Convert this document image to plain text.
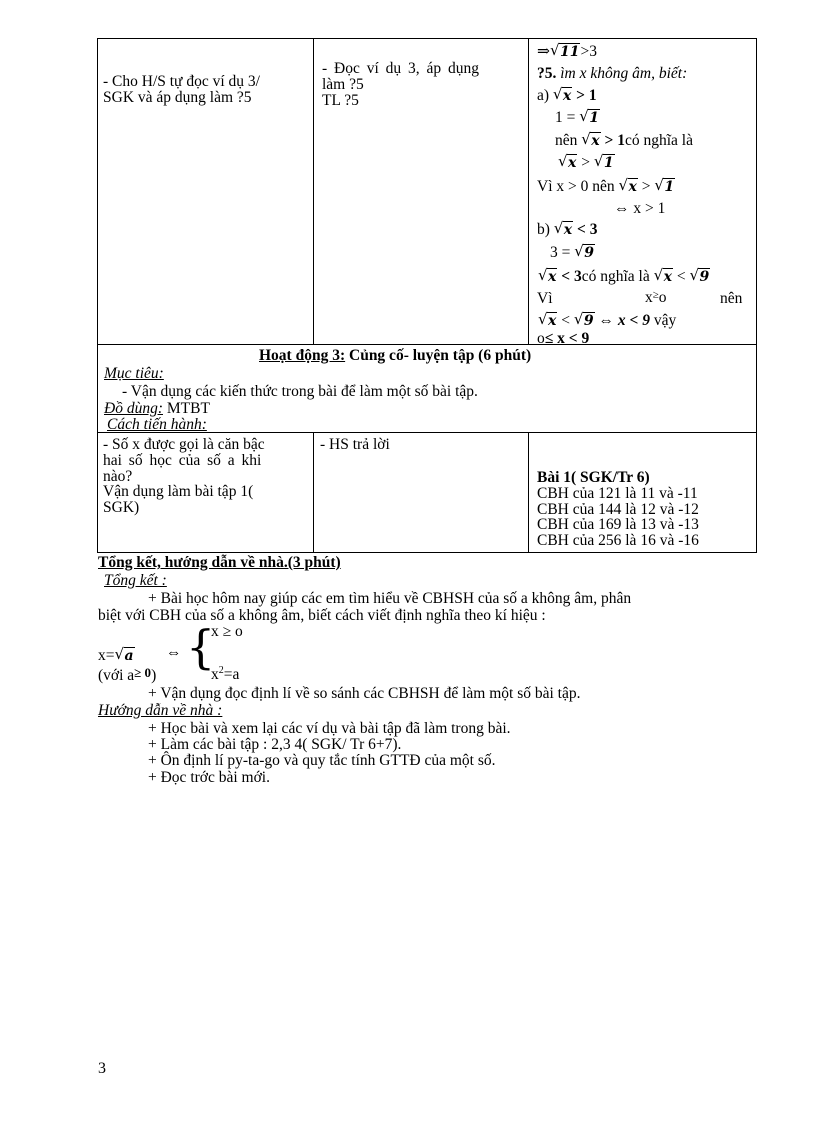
- Cho H/S tự đọc ví dụ 3/
SGK và áp dụng làm ?5
- Đọc ví dụ 3, áp dụng
làm ?5
TL ?5
⇒ √ 11>3
?5. ìm x không âm, biết:
a) √ x > 1
1 = √ 1
nên √ x > 1có nghĩa là
√ x > √ 1
Vì x > 0 nên √ x > √ 1
⇔ x > 1
b) √ x < 3
3 = √ 9
√ x < 3có nghĩa là √ x < √ 9
Vì	x≥o	nên
√ x < √ 9 ⇔ x < 9 vậy
o≤ x < 9
Hoạt động 3: Củng cố- luyện tập (6 phút)
Mục tiêu:
- Vận dụng các kiến thức trong bài để làm một số bài tập.
Đồ dùng: MTBT
Cách tiến hành:
- Số x được gọi là căn bậc
hai số học của số a khi
nào?
Vận dụng làm bài tập 1(
SGK)
- HS trả lời
Bài 1( SGK/Tr 6)
CBH của 121 là 11 và -11
CBH của 144 là 12 và -12
CBH của 169 là 13 và -13
CBH của 256 là 16 và -16
Tổng kết, hướng dẫn về nhà.(3 phút)
Tổng kết :
+ Bài học hôm nay giúp các em tìm hiểu về CBHSH của số a không âm, phân
biệt với CBH của số a không âm, biết cách viết định nghĩa theo kí hiệu :
x= √ a ⇔ {
x ≥ o
$x^2=a$
(với a≥ 0)
+ Vận dụng đọc định lí về so sánh các CBHSH để làm một số bài tập.
Hướng dẫn về nhà :
+ Học bài và xem lại các ví dụ và bài tập đã làm trong bài.
+ Làm các bài tập : 2,3 4( SGK/ Tr 6+7).
+ Ôn định lí py-ta-go và quy tắc tính GTTĐ của một số.
+ Đọc trớc bài mới.
3
